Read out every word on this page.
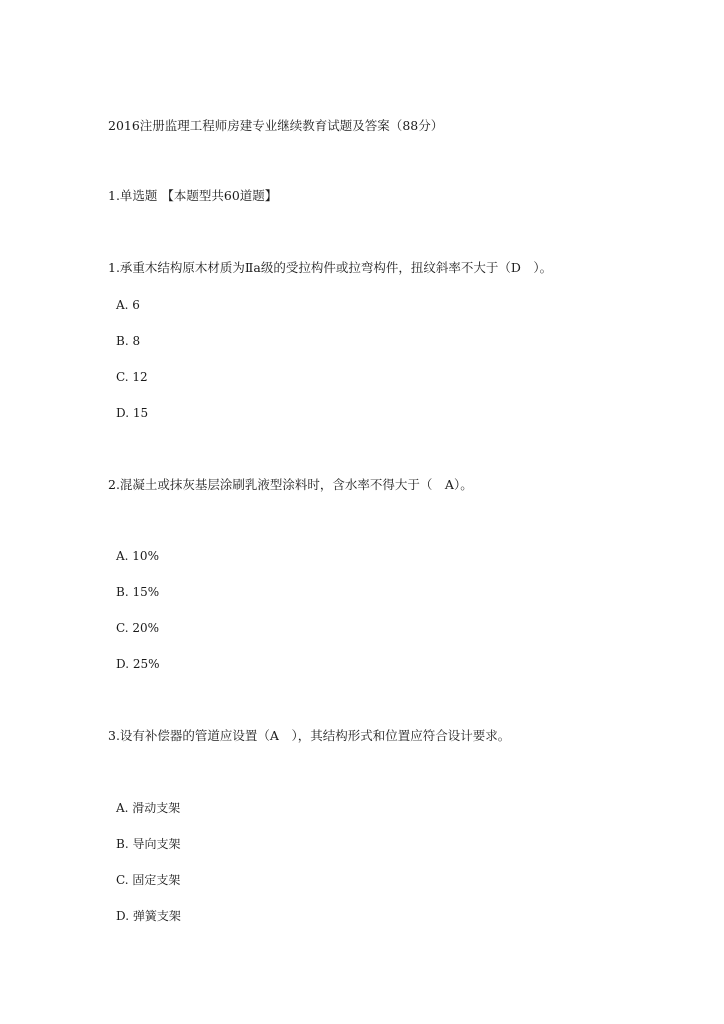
2016注册监理工程师房建专业继续教育试题及答案（88分）

1.单选题 【本题型共60道题】

1.承重木结构原木材质为Ⅱa级的受拉构件或拉弯构件，扭纹斜率不大于（D　）。

A. 6

B. 8

C. 12

D. 15

2.混凝土或抹灰基层涂刷乳液型涂料时，含水率不得大于（　A）。

A. 10%

B. 15%

C. 20%

D. 25%

3.设有补偿器的管道应设置（A　），其结构形式和位置应符合设计要求。

A. 滑动支架

B. 导向支架

C. 固定支架

D. 弹簧支架
